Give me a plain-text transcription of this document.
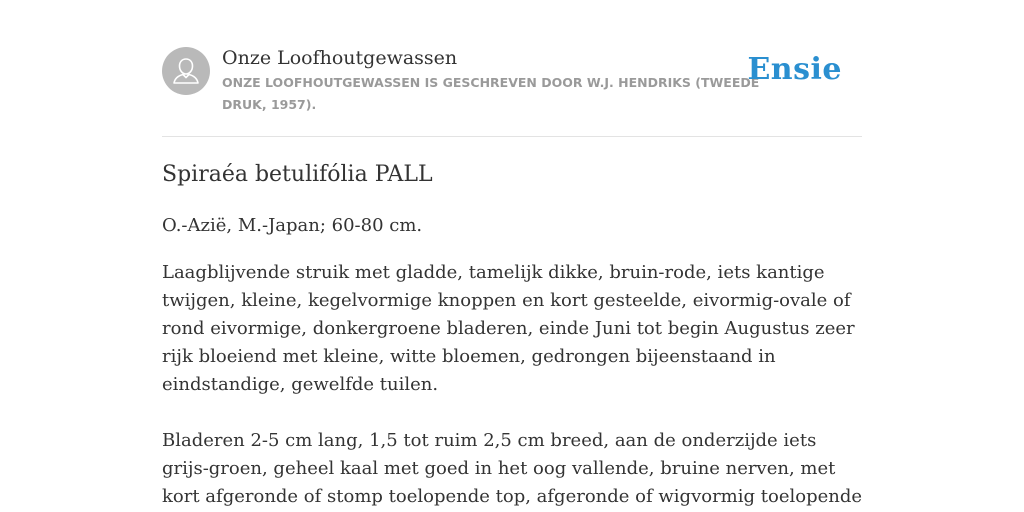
Onze Loofhoutgewassen
ONZE LOOFHOUTGEWASSEN IS GESCHREVEN DOOR W.J. HENDRIKS (TWEEDE DRUK, 1957).
Ensie
Spiraéa betulifólia PALL

O.-Azië, M.-Japan; 60-80 cm.

Laagblijvende struik met gladde, tamelijk dikke, bruin-rode, iets kantige twijgen, kleine, kegelvormige knoppen en kort gesteelde, eivormig-ovale of rond eivormige, donkergroene bladeren, einde Juni tot begin Augustus zeer rijk bloeiend met kleine, witte bloemen, gedrongen bijeenstaand in eindstandige, gewelfde tuilen.

Bladeren 2-5 cm lang, 1,5 tot ruim 2,5 cm breed, aan de onderzijde iets grijs-groen, geheel kaal met goed in het oog vallende, bruine nerven, met kort afgeronde of stomp toelopende top, afgeronde of wigvormig toelopende
